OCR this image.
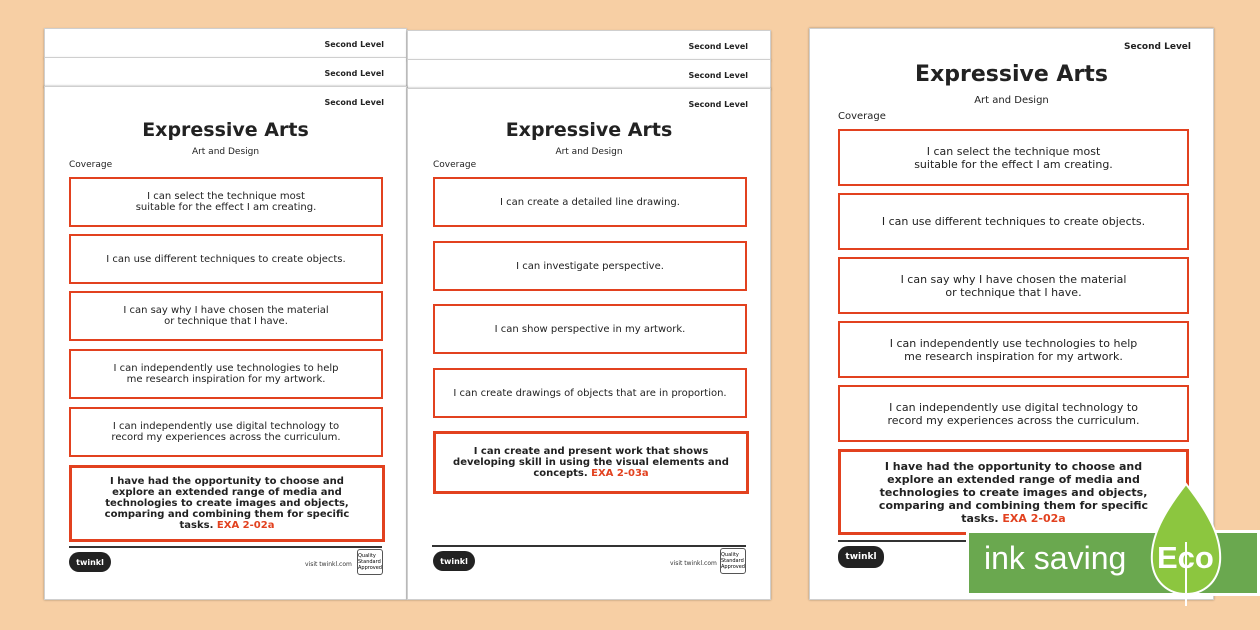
Second Level
Second Level
Second Level
Second Level
Second Level
Expressive Arts
Art and Design
Coverage
I can select the technique most suitable for the effect I am creating.
I can use different techniques to create objects.
I can say why I have chosen the material or technique that I have.
I can independently use technologies to help me research inspiration for my artwork.
I can independently use digital technology to record my experiences across the curriculum.
I have had the opportunity to choose and explore an extended range of media and technologies to create images and objects, comparing and combining them for specific tasks. EXA 2-02a
twinkl	visit twinkl.com
Quality Standard Approved
Second Level
Expressive Arts
Art and Design
Coverage
I can create a detailed line drawing.
I can investigate perspective.
I can show perspective in my artwork.
I can create drawings of objects that are in proportion.
I can create and present work that shows developing skill in using the visual elements and concepts. EXA 2-03a
twinkl	visit twinkl.com
Quality Standard Approved
Second Level
Expressive Arts
Art and Design
Coverage
I can select the technique most suitable for the effect I am creating.
I can use different techniques to create objects.
I can say why I have chosen the material or technique that I have.
I can independently use technologies to help me research inspiration for my artwork.
I can independently use digital technology to record my experiences across the curriculum.
I have had the opportunity to choose and explore an extended range of media and technologies to create images and objects, comparing and combining them for specific tasks. EXA 2-02a
twinkl	ink saving Eco
